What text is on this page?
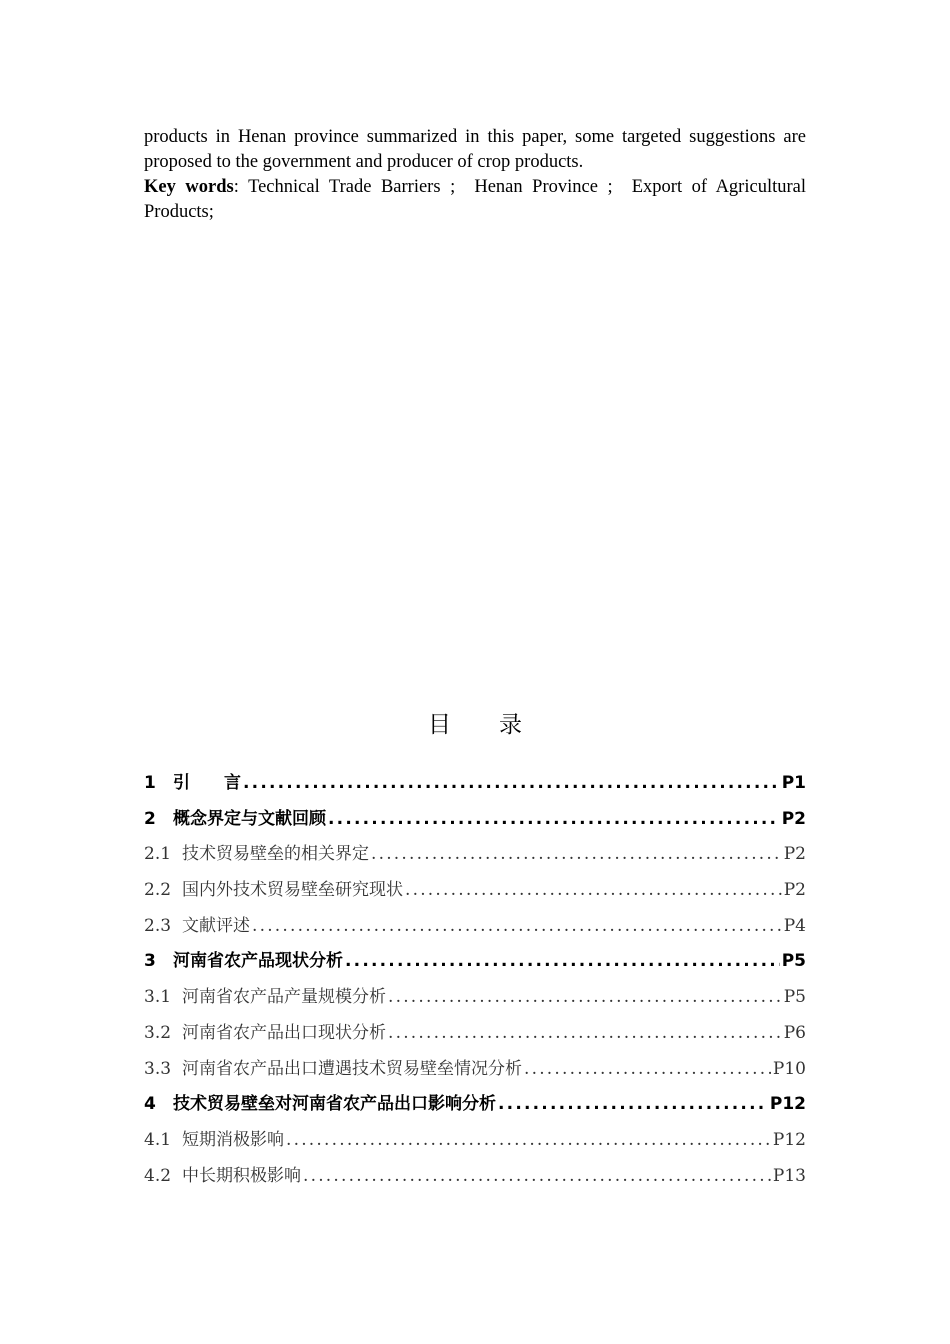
products in Henan province summarized in this paper, some targeted suggestions are proposed to the government and producer of crop products.

Key words: Technical Trade Barriers ;  Henan Province ;  Export of Agricultural Products;

目 录
1	引　　言 .....	P1
2	概念界定与文献回顾 .....	P2
2.1 技术贸易壁垒的相关界定 .....	P2
2.2 国内外技术贸易壁垒研究现状 .....	P2
2.3 文献评述 .....	P4
3	河南省农产品现状分析 .....	P5
3.1 河南省农产品产量规模分析 .....	P5
3.2 河南省农产品出口现状分析 .....	P6
3.3 河南省农产品出口遭遇技术贸易壁垒情况分析 .....	P10
4	技术贸易壁垒对河南省农产品出口影响分析 .....	P12
4.1 短期消极影响 .....	P12
4.2 中长期积极影响 .....	P13
